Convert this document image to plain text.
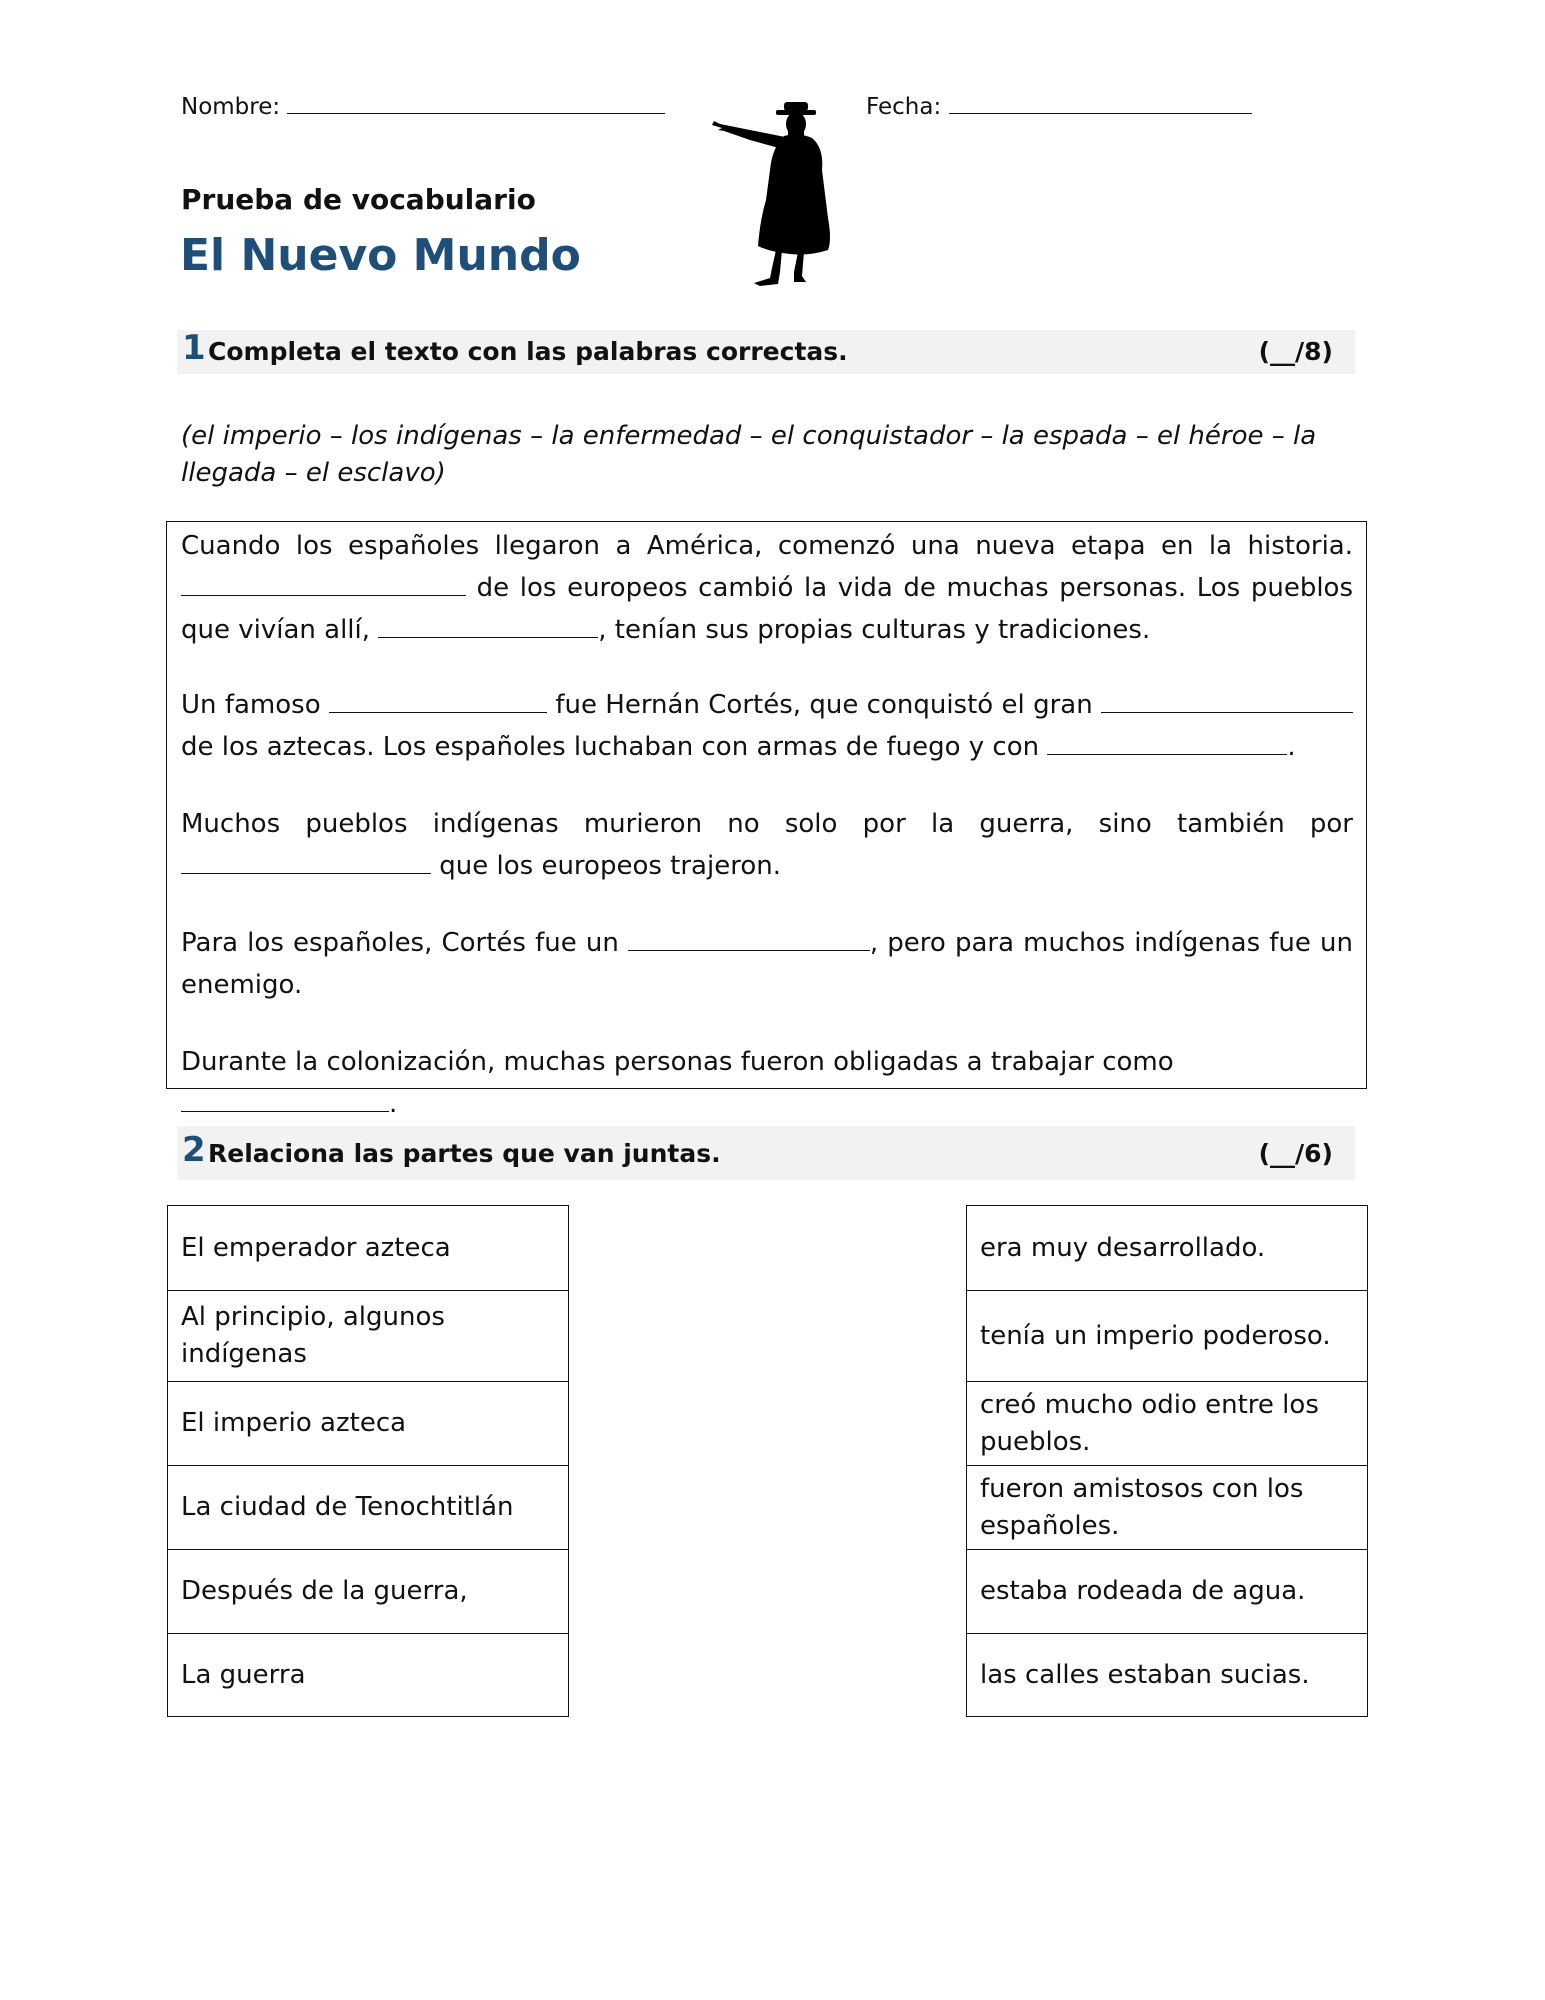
Nombre:	Fecha:
Prueba de vocabulario
El Nuevo Mundo
1 Completa el texto con las palabras correctas.	(__/8)
(el imperio – los indígenas – la enfermedad – el conquistador – la espada – el héroe – la llegada – el esclavo)
Cuando los españoles llegaron a América, comenzó una nueva etapa en la historia.  de los europeos cambió la vida de muchas personas. Los pueblos que vivían allí,	, tenían sus propias culturas y tradiciones.
Un famoso	fue Hernán Cortés, que conquistó el gran  de los aztecas. Los españoles luchaban con armas de fuego y con	.
Muchos pueblos indígenas murieron no solo por la guerra, sino también por  que los europeos trajeron.
Para los españoles, Cortés fue un	, pero para muchos indígenas fue un enemigo.
Durante la colonización, muchas personas fueron obligadas a trabajar como .
2 Relaciona las partes que van juntas.	(__/6)
El emperador azteca
Al principio, algunos indígenas
El imperio azteca
La ciudad de Tenochtitlán
Después de la guerra,
La guerra
era muy desarrollado.
tenía un imperio poderoso.
creó mucho odio entre los pueblos.
fueron amistosos con los españoles.
estaba rodeada de agua.
las calles estaban sucias.
